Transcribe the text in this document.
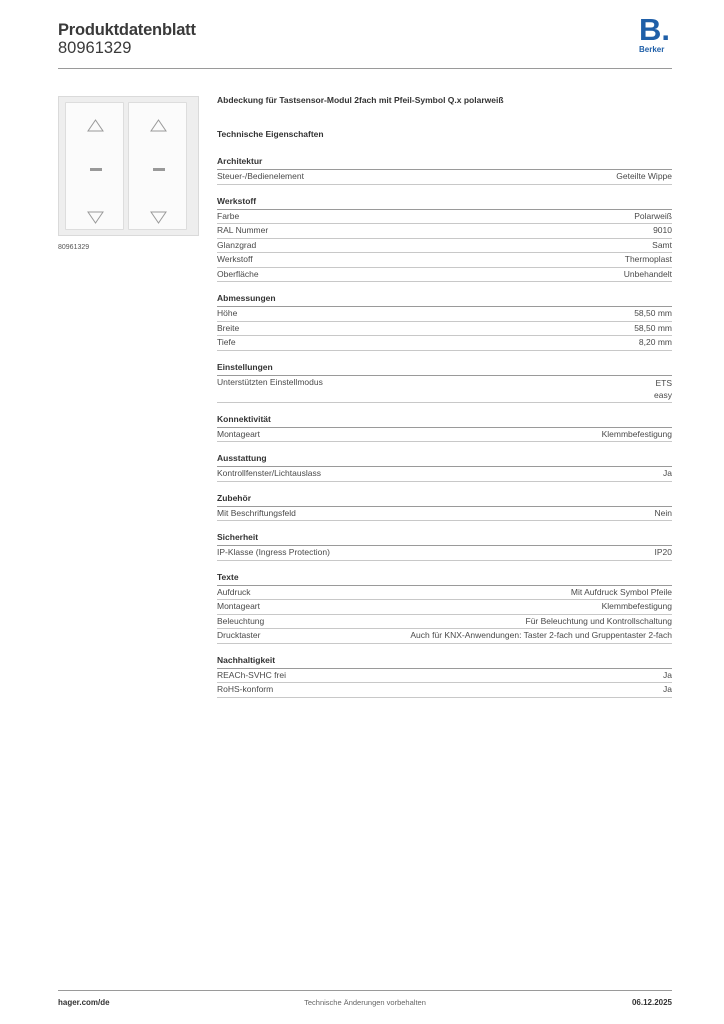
Produktdatenblatt
80961329
B.
Berker
80961329
Abdeckung für Tastsensor-Modul 2fach mit Pfeil-Symbol Q.x polarweiß
Technische Eigenschaften
Architektur
Steuer-/Bedienelement	Geteilte Wippe
Werkstoff
Farbe	Polarweiß
RAL Nummer	9010
Glanzgrad	Samt
Werkstoff	Thermoplast
Oberfläche	Unbehandelt
Abmessungen
Höhe	58,50 mm
Breite	58,50 mm
Tiefe	8,20 mm
Einstellungen
Unterstützten Einstellmodus	ETS
easy
Konnektivität
Montageart	Klemmbefestigung
Ausstattung
Kontrollfenster/Lichtauslass	Ja
Zubehör
Mit Beschriftungsfeld	Nein
Sicherheit
IP-Klasse (Ingress Protection)	IP20
Texte
Aufdruck	Mit Aufdruck Symbol Pfeile
Montageart	Klemmbefestigung
Beleuchtung	Für Beleuchtung und Kontrollschaltung
Drucktaster	Auch für KNX-Anwendungen: Taster 2-fach und Gruppentaster 2-fach
Nachhaltigkeit
REACh-SVHC frei	Ja
RoHS-konform	Ja
hager.com/de	Technische Änderungen vorbehalten	06.12.2025
